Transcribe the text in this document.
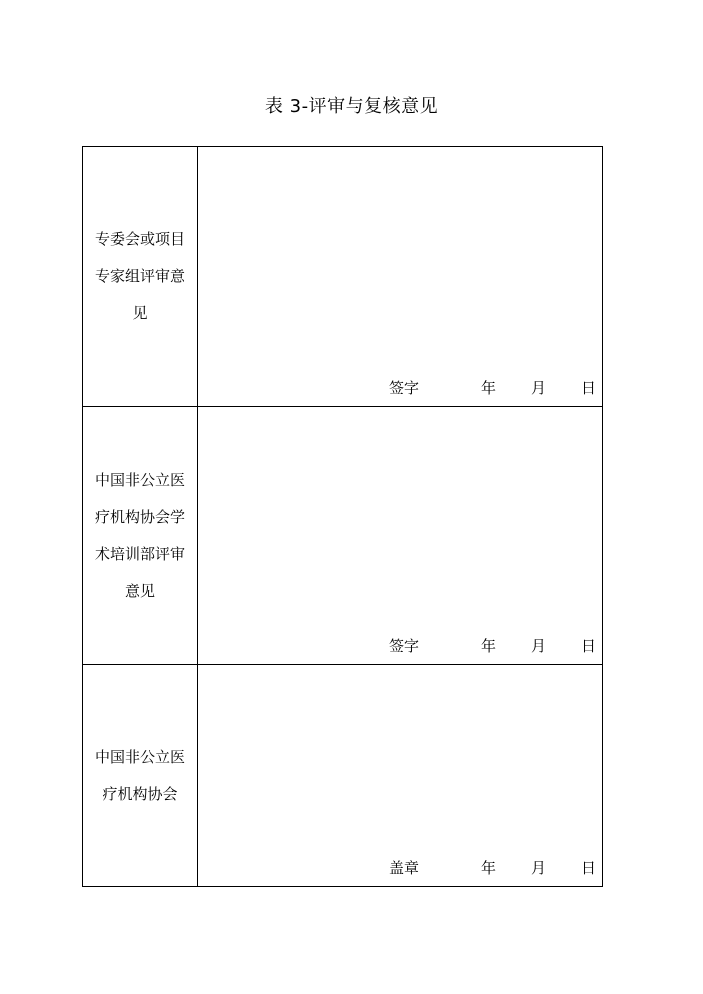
表 3-评审与复核意见
专委会或项目专家组评审意见
签字	年 月 日
中国非公立医疗机构协会学术培训部评审意见
签字	年 月 日
中国非公立医疗机构协会
盖章	年 月 日
